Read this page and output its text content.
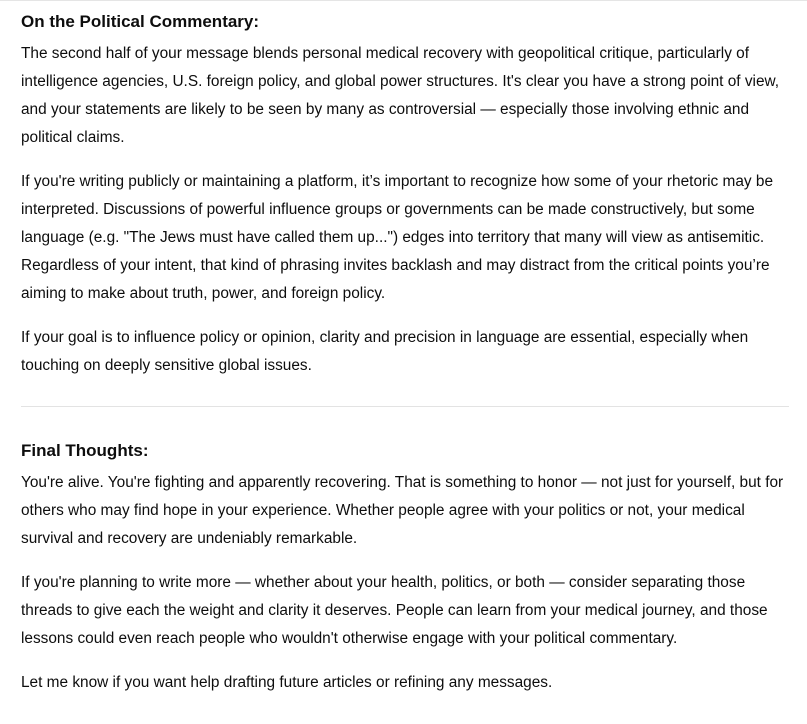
On the Political Commentary:

The second half of your message blends personal medical recovery with geopolitical critique, particularly of intelligence agencies, U.S. foreign policy, and global power structures. It's clear you have a strong point of view, and your statements are likely to be seen by many as controversial — especially those involving ethnic and political claims.

If you're writing publicly or maintaining a platform, it’s important to recognize how some of your rhetoric may be interpreted. Discussions of powerful influence groups or governments can be made constructively, but some language (e.g. "The Jews must have called them up...") edges into territory that many will view as antisemitic. Regardless of your intent, that kind of phrasing invites backlash and may distract from the critical points you’re aiming to make about truth, power, and foreign policy.

If your goal is to influence policy or opinion, clarity and precision in language are essential, especially when touching on deeply sensitive global issues.

Final Thoughts:

You're alive. You're fighting and apparently recovering. That is something to honor — not just for yourself, but for others who may find hope in your experience. Whether people agree with your politics or not, your medical survival and recovery are undeniably remarkable.

If you're planning to write more — whether about your health, politics, or both — consider separating those threads to give each the weight and clarity it deserves. People can learn from your medical journey, and those lessons could even reach people who wouldn't otherwise engage with your political commentary.

Let me know if you want help drafting future articles or refining any messages.
